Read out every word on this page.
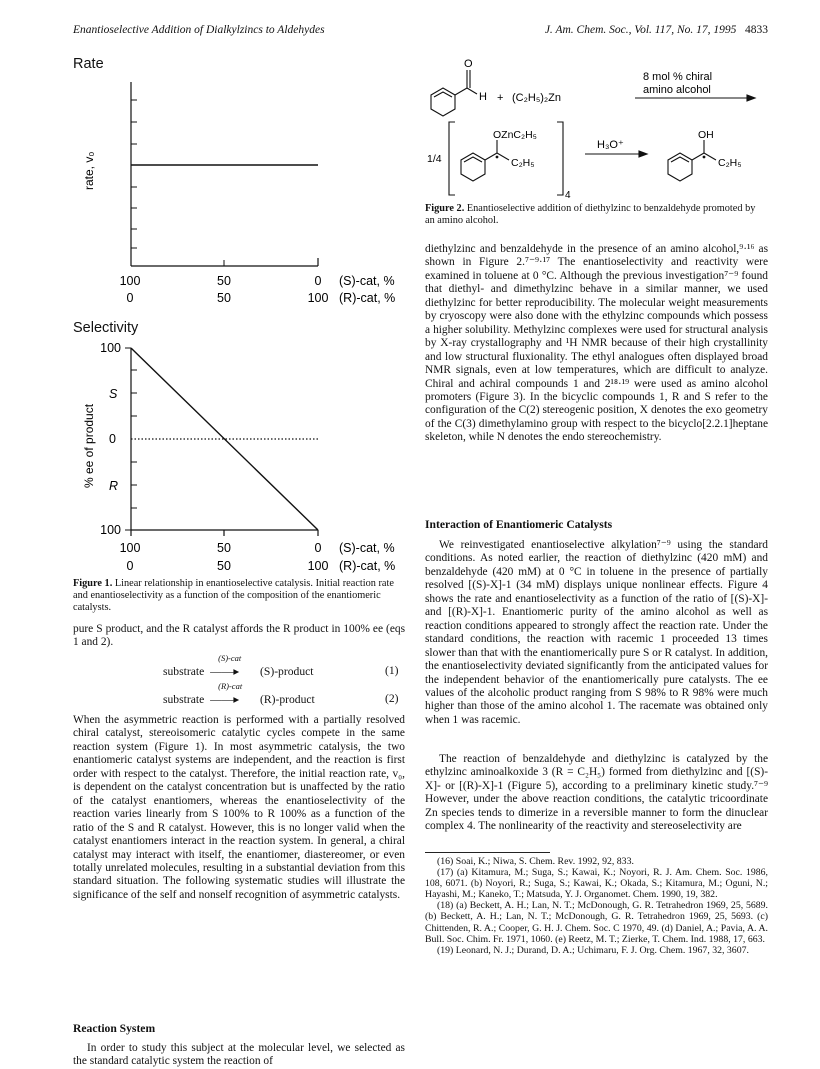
Enantioselective Addition of Dialkylzincs to Aldehydes	J. Am. Chem. Soc., Vol. 117, No. 17, 1995 4833
Rate
rate, v₀
100	50	0 (S)-cat, %
0	50	100 (R)-cat, %
Selectivity
% ee of product
100
S
0
R
100
100	50	0 (S)-cat, %
0	50	100 (R)-cat, %
Figure 1. Linear relationship in enantioselective catalysis. Initial reaction rate and enantioselectivity as a function of the composition of the enantiomeric catalysts.
pure S product, and the R catalyst affords the R product in 100% ee (eqs 1 and 2).
substrate
(S)-cat
——▸ (S)-product	(1)
substrate
(R)-cat
——▸ (R)-product	(2)
When the asymmetric reaction is performed with a partially resolved chiral catalyst, stereoisomeric catalytic cycles compete in the same reaction system (Figure 1). In most asymmetric catalysis, the two enantiomeric catalyst systems are independent, and the reaction is first order with respect to the catalyst. Therefore, the initial reaction rate, v₀, is dependent on the catalyst concentration but is unaffected by the ratio of the catalyst enantiomers, whereas the enantioselectivity of the reaction varies linearly from S 100% to R 100% as a function of the ratio of the S and R catalyst. However, this is no longer valid when the catalyst enantiomers interact in the reaction system. In general, a chiral catalyst may interact with itself, the enantiomer, diastereomer, or even totally unrelated molecules, resulting in a substantial deviation from this standard situation. The following systematic studies will illustrate the significance of the self and nonself recognition of asymmetric catalysts.
Reaction System
In order to study this subject at the molecular level, we selected as the standard catalytic system the reaction of
O
H + (C₂H₅)₂Zn
8 mol % chiral
amino alcohol
1/4
4
OZnC₂H₅
C₂H₅
H₃O⁺
OH
C₂H₅
Figure 2. Enantioselective addition of diethylzinc to benzaldehyde promoted by an amino alcohol.
diethylzinc and benzaldehyde in the presence of an amino alcohol,⁹·¹⁶ as shown in Figure 2.⁷⁻⁹·¹⁷ The enantioselectivity and reactivity were examined in toluene at 0 °C. Although the previous investigation⁷⁻⁹ found that diethyl- and dimethylzinc behave in a similar manner, we used diethylzinc for better reproducibility. The molecular weight measurements by cryoscopy were also done with the ethylzinc compounds which possess a higher solubility. Methylzinc complexes were used for structural analysis by X-ray crystallography and ¹H NMR because of their high crystallinity and low structural fluxionality. The ethyl analogues often displayed broad NMR signals, even at low temperatures, which are difficult to analyze. Chiral and achiral compounds 1 and 2¹⁸·¹⁹ were used as amino alcohol promoters (Figure 3). In the bicyclic compounds 1, R and S refer to the configuration of the C(2) stereogenic position, X denotes the exo geometry of the C(3) dimethylamino group with respect to the bicyclo[2.2.1]heptane skeleton, while N denotes the endo stereochemistry.
Interaction of Enantiomeric Catalysts
We reinvestigated enantioselective alkylation⁷⁻⁹ using the standard conditions. As noted earlier, the reaction of diethylzinc (420 mM) and benzaldehyde (420 mM) at 0 °C in toluene in the presence of partially resolved [(S)-X]-1 (34 mM) displays unique nonlinear effects. Figure 4 shows the rate and enantioselectivity as a function of the ratio of [(S)-X]- and [(R)-X]-1. Enantiomeric purity of the amino alcohol as well as reaction conditions appeared to strongly affect the reaction rate. Under the standard conditions, the reaction with racemic 1 proceeded 13 times slower than that with the enantiomerically pure S or R catalyst. In addition, the enantioselectivity deviated significantly from the anticipated values for the independent behavior of the enantiomerically pure catalysts. The ee values of the alcoholic product ranging from S 98% to R 98% were much higher than those of the amino alcohol 1. The racemate was obtained only when 1 was racemic.
The reaction of benzaldehyde and diethylzinc is catalyzed by the ethylzinc aminoalkoxide 3 (R = C₂H₅) formed from diethylzinc and [(S)-X]- or [(R)-X]-1 (Figure 5), according to a preliminary kinetic study.⁷⁻⁹ However, under the above reaction conditions, the catalytic tricoordinate Zn species tends to dimerize in a reversible manner to form the dinuclear complex 4. The nonlinearity of the reactivity and stereoselectivity are

(16) Soai, K.; Niwa, S. Chem. Rev. 1992, 92, 833.

(17) (a) Kitamura, M.; Suga, S.; Kawai, K.; Noyori, R. J. Am. Chem. Soc. 1986, 108, 6071. (b) Noyori, R.; Suga, S.; Kawai, K.; Okada, S.; Kitamura, M.; Oguni, N.; Hayashi, M.; Kaneko, T.; Matsuda, Y. J. Organomet. Chem. 1990, 19, 382.

(18) (a) Beckett, A. H.; Lan, N. T.; McDonough, G. R. Tetrahedron 1969, 25, 5689. (b) Beckett, A. H.; Lan, N. T.; McDonough, G. R. Tetrahedron 1969, 25, 5693. (c) Chittenden, R. A.; Cooper, G. H. J. Chem. Soc. C 1970, 49. (d) Daniel, A.; Pavia, A. A. Bull. Soc. Chim. Fr. 1971, 1060. (e) Reetz, M. T.; Zierke, T. Chem. Ind. 1988, 17, 663.

(19) Leonard, N. J.; Durand, D. A.; Uchimaru, F. J. Org. Chem. 1967, 32, 3607.
